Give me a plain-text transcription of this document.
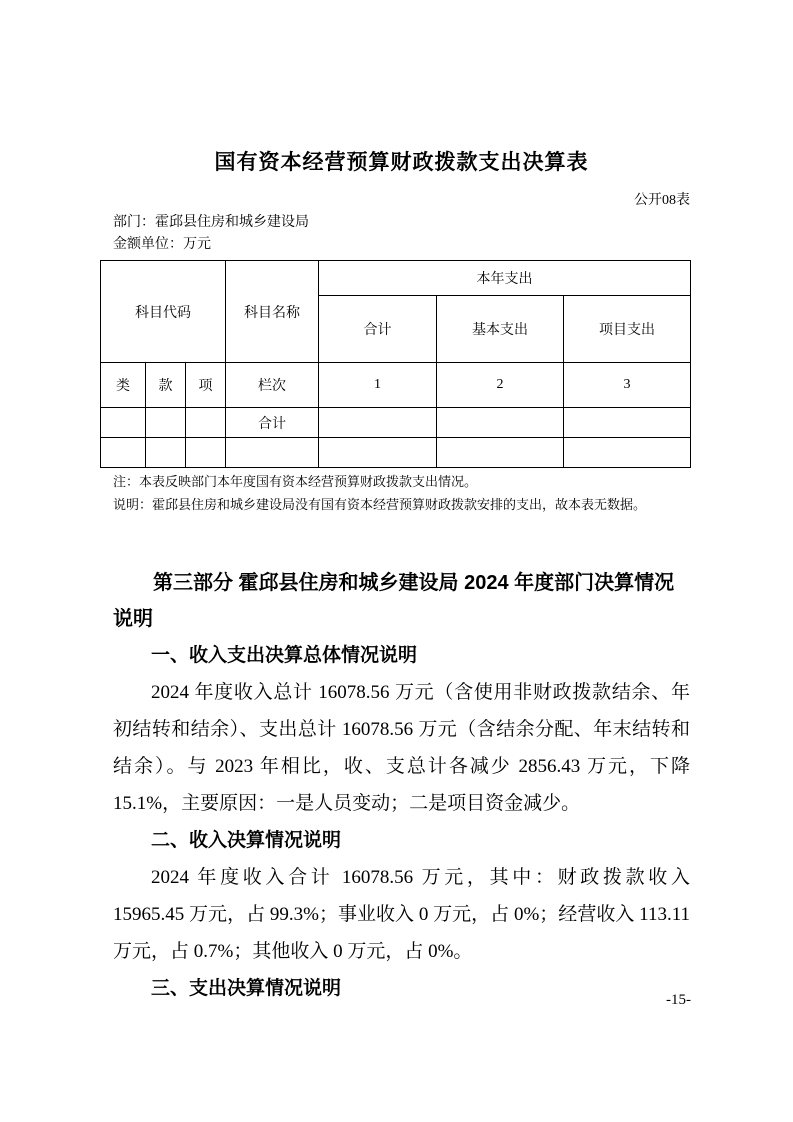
国有资本经营预算财政拨款支出决算表
公开08表
部门：霍邱县住房和城乡建设局
金额单位：万元
科目代码			科目名称	本年支出		
				合计	基本支出	项目支出
类	款	项	栏次	1	2	3
			合计			

注：本表反映部门本年度国有资本经营预算财政拨款支出情况。
说明：霍邱县住房和城乡建设局没有国有资本经营预算财政拨款安排的支出，故本表无数据。
第三部分 霍邱县住房和城乡建设局 2024 年度部门决算情况说明
一、收入支出决算总体情况说明

2024 年度收入总计 16078.56 万元（含使用非财政拨款结余、年初结转和结余）、支出总计 16078.56 万元（含结余分配、年末结转和结余）。与 2023 年相比，收、支总计各减少 2856.43 万元，下降 15.1%，主要原因：一是人员变动；二是项目资金减少。

二、收入决算情况说明

2024 年度收入合计 16078.56 万元，其中：财政拨款收入 15965.45 万元，占 99.3%；事业收入 0 万元，占 0%；经营收入 113.11 万元，占 0.7%；其他收入 0 万元，占 0%。

三、支出决算情况说明
-15-
